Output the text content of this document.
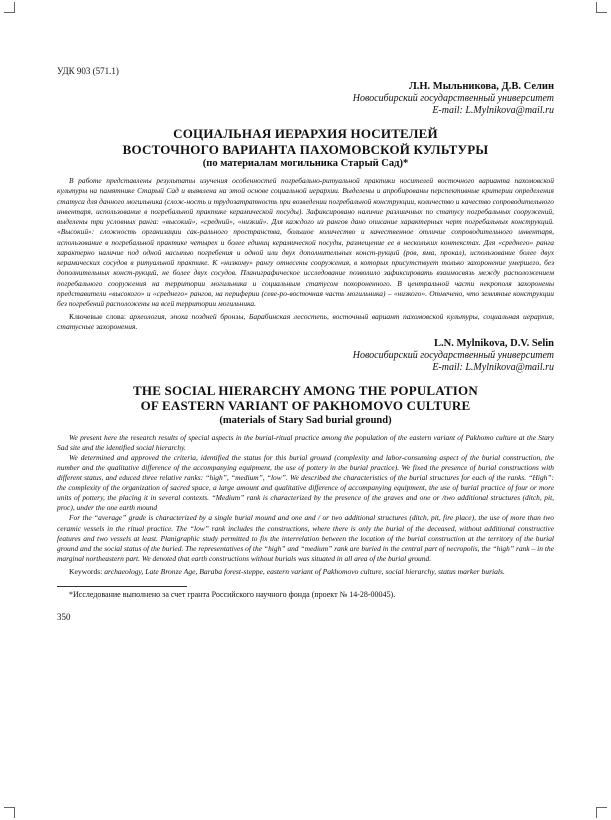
УДК 903 (571.1)
Л.Н. Мыльникова, Д.В. Селин
Новосибирский государственный университет
E-mail: L.Mylnikova@mail.ru
СОЦИАЛЬНАЯ ИЕРАРХИЯ НОСИТЕЛЕЙ
ВОСТОЧНОГО ВАРИАНТА ПАХОМОВСКОЙ КУЛЬТУРЫ
(по материалам могильника Старый Сад)*
В работе представлены результаты изучения особенностей погребально-ритуальной практики носителей восточного варианта пахомовской культуры на памятнике Старый Сад и выявлена на этой основе социальной иерархии. Выделены и апробированы перспективные критерии определения статуса для данного могильника (слож-ность и трудозатратность при возведении погребальной конструкции, количество и качество сопроводительного инвентаря, использование в погребальной практике керамической посуды). Зафиксировано наличие разлиичных по статусу погребальных сооружений, выделены три условных ранга: «высокий», «средний», «низкий». Для каждого из рангов дано описание характерных черт погребальных конструкций. «Высокий»: сложность организации сак-рального пространства, большое количество и качественное отличие сопроводительного инвентаря, использование в погребальной практике четырех и более единиц керамической посуды, размещение ее в нескольких контекстах. Для «среднего» ранга характерно наличие под одной насыпью погребения и одной или двух дополнительных конст-рукций (ров, яма, прокал), использование более двух керамических сосудов в ритуальной практике. К «низкому» рангу отнесены сооружения, в которых присутствует только захоронение умершего, без дополнительных конст-рукций, не более двух сосудов. Планиграфическое исследование позволило зафиксировать взаимосвязь между расположением погребального сооружения на территории могильника и социальным статусом похороненного. В центральной части некрополя захоронены представители «высокого» и «среднего» рангов, на периферии (севе-ро-восточная часть могильника) – «низкого». Отмечено, что земляные конструкции без погребений расположены на всей территории могильника.
Ключевые слова: археология, эпоха поздней бронзы, Барабинская лесостепь, восточный вариант пахомовской культуры, социальная иерархия, статусные захоронения.
L.N. Mylnikova, D.V. Selin
Новосибирский государственный университет
E-mail: L.Mylnikova@mail.ru
THE SOCIAL HIERARCHY AMONG THE POPULATION
OF EASTERN VARIANT OF PAKHOMOVO CULTURE
(materials of Stary Sad burial ground)

We present here the research results of special aspects in the burial-ritual practice among the population of the eastern variant of Pakhomo culture at the Stary Sad site and the identified social hierarchy.

We determined and approved the criteria, identified the status for this burial ground (complexity and labor-consuming aspect of the burial construction, the number and the qualitative difference of the accompanying equipment, the use of pottery in the burial practice). We fixed the presence of burial constructions with different status, and educed three relative ranks: “high”, “medium”, “low”. We described the characteristics of the burial structures for each of the ranks. “High”: the complexity of the organization of sacred space, a large amount and qualitative difference of accompanying equipment, the use of burial practice of four or more units of pottery, the placing it in several contexts. “Medium” rank is characterized by the presence of the graves and one or /two additional structures (ditch, pit, proc), under the one earth mound

For the “average” grade is characterized by a single burial mound and one and / or two additional structures (ditch, pit, fire place), the use of more than two ceramic vessels in the ritual practice. The “low” rank includes the constructions, where there is only the burial of the deceased, without additional constructive features and two vessels at least. Planigraphic study permitted to fix the interrelation between the location of the burial construction at the territory of the burial ground and the social status of the buried. The representatives of the “high” and “medium” rank are buried in the central part of necropolis, the “high” rank – in the marginal northeastern part. We denoted that earth constructions without burials was situated in all area of the burial ground.

Keywords: archaeology, Late Bronze Age, Baraba forest-steppe, eastern variant of Pakhomovo culture, social hierarchy, status marker burials.
*Исследование выполнено за счет гранта Российского научного фонда (проект № 14-28-00045).
350
